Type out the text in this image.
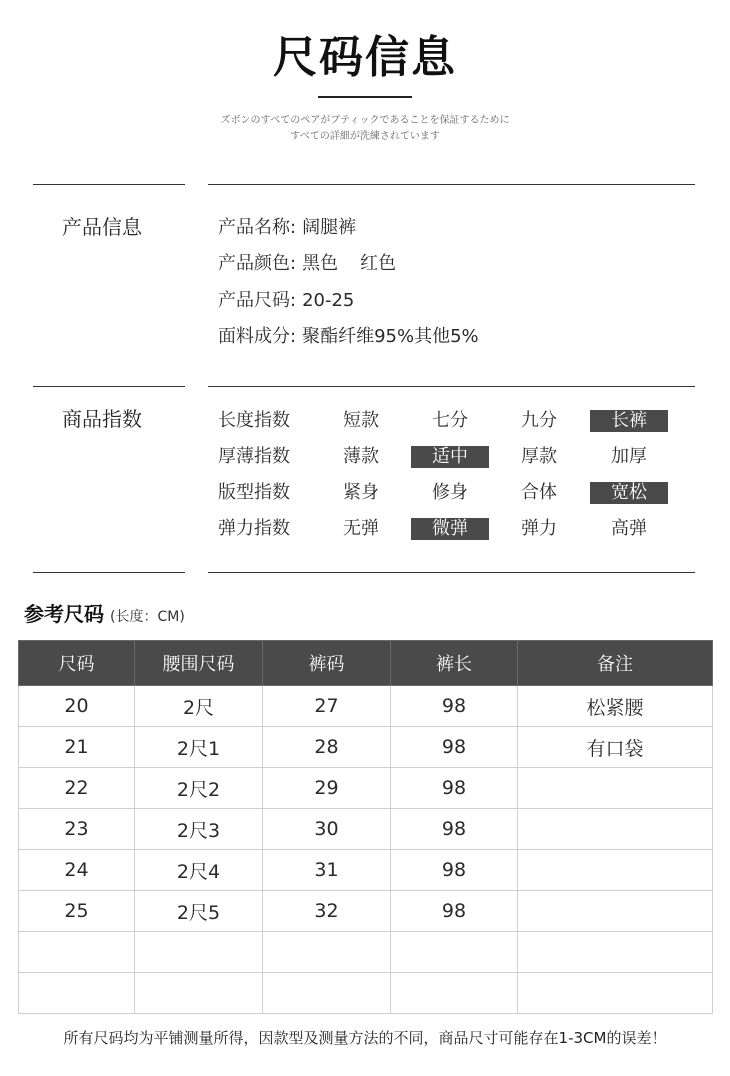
尺码信息
ズボンのすべてのペアがブティックであることを保証するために
すべての詳細が洗練されています
产品信息	产品名称: 阔腿裤
产品颜色: 黑色 红色
产品尺码: 20-25
面料成分: 聚酯纤维95%其他5%
商品指数	长度指数	短款	七分	九分	长裤
厚薄指数	薄款	适中	厚款	加厚
版型指数	紧身	修身	合体	宽松
弹力指数	无弹	微弹	弹力	高弹
参考尺码 (长度：CM)
尺码	腰围尺码	裤码	裤长	备注
20	2尺	27	98	松紧腰
21	2尺1	28	98	有口袋
22	2尺2	29	98	
23	2尺3	30	98	
24	2尺4	31	98	
25	2尺5	32	98	

所有尺码均为平铺测量所得，因款型及测量方法的不同，商品尺寸可能存在1-3CM的误差！
